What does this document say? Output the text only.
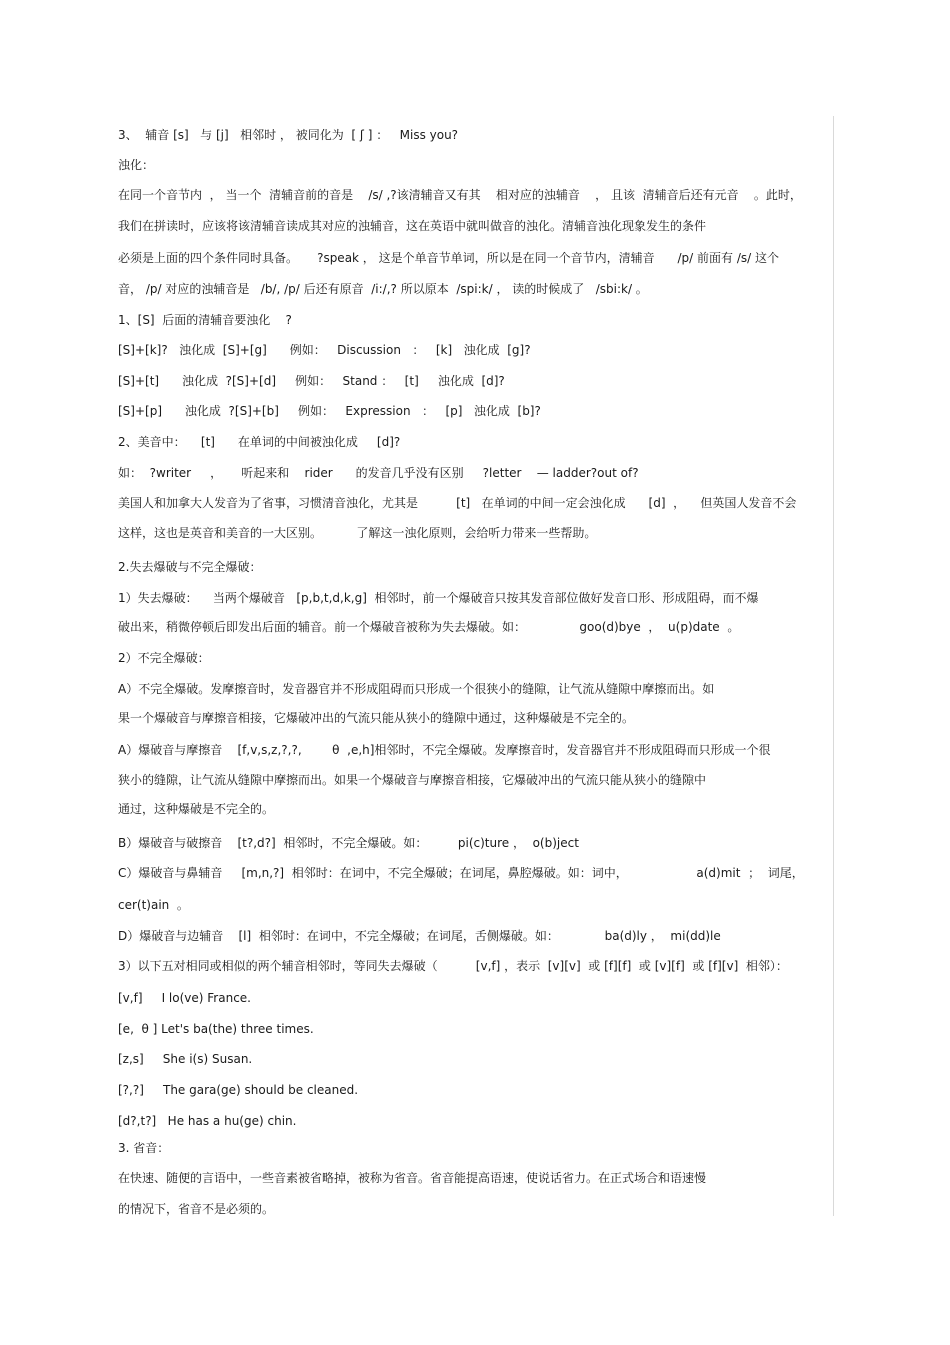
3、  辅音 [s]   与 [j]   相邻时 ， 被同化为  [ ʃ ] ：   Miss you?
浊化：
在同一个音节内  ， 当一个  清辅音前的音是    /s/ ,?该清辅音又有其    相对应的浊辅音    ， 且该  清辅音后还有元音    。此时，
我们在拼读时，应该将该清辅音读成其对应的浊辅音，这在英语中就叫做音的浊化。清辅音浊化现象发生的条件
必须是上面的四个条件同时具备。     ?speak ， 这是个单音节单词，所以是在同一个音节内，清辅音      /p/ 前面有 /s/ 这个
音， /p/ 对应的浊辅音是   /b/, /p/ 后还有原音  /i:/,? 所以原本  /spi:k/ ， 读的时候成了   /sbi:k/ 。
1、[S]  后面的清辅音要浊化    ?
[S]+[k]?   浊化成  [S]+[g]      例如：   Discussion   ：   [k]   浊化成  [g]?
[S]+[t]      浊化成  ?[S]+[d]     例如：   Stand ：   [t]     浊化成  [d]?
[S]+[p]      浊化成  ?[S]+[b]     例如：   Expression   ：   [p]   浊化成  [b]?
2、美音中：    [t]      在单词的中间被浊化成     [d]?
如：  ?writer     ，     听起来和    rider      的发音几乎没有区别     ?letter    — ladder?out of?
美国人和加拿大人发音为了省事，习惯清音浊化，尤其是          [t]   在单词的中间一定会浊化成      [d]  ，    但英国人发音不会
这样，这也是英音和美音的一大区别。         了解这一浊化原则，会给听力带来一些帮助。
2.失去爆破与不完全爆破：
1）失去爆破：    当两个爆破音   [p,b,t,d,k,g]  相邻时，前一个爆破音只按其发音部位做好发音口形、形成阻碍，而不爆
破出来，稍微停顿后即发出后面的辅音。前一个爆破音被称为失去爆破。如：              goo(d)bye  ，  u(p)date  。
2）不完全爆破：
A）不完全爆破。发摩擦音时，发音器官并不形成阻碍而只形成一个很狭小的缝隙，让气流从缝隙中摩擦而出。如
果一个爆破音与摩擦音相接，它爆破冲出的气流只能从狭小的缝隙中通过，这种爆破是不完全的。
A）爆破音与摩擦音    [f,v,s,z,?,?,        θ  ,e,h]相邻时，不完全爆破。发摩擦音时，发音器官并不形成阻碍而只形成一个很
狭小的缝隙，让气流从缝隙中摩擦而出。如果一个爆破音与摩擦音相接，它爆破冲出的气流只能从狭小的缝隙中
通过，这种爆破是不完全的。
B）爆破音与破擦音    [t?,d?]  相邻时，不完全爆破。如：        pi(c)ture ，  o(b)ject
C）爆破音与鼻辅音     [m,n,?]  相邻时：在词中，不完全爆破；在词尾，鼻腔爆破。如：词中，                  a(d)mit  ；  词尾，
cer(t)ain  。
D）爆破音与边辅音    [l]  相邻时：在词中，不完全爆破；在词尾，舌侧爆破。如：            ba(d)ly ，  mi(dd)le
3）以下五对相同或相似的两个辅音相邻时，等同失去爆破（          [v,f] ，表示  [v][v]  或 [f][f]  或 [v][f]  或 [f][v]  相邻）：
[v,f]     I lo(ve) France.
[e,  θ ] Let's ba(the) three times.
[z,s]     She i(s) Susan.
[?,?]     The gara(ge) should be cleaned.
[d?,t?]   He has a hu(ge) chin.
3. 省音：
在快速、随便的言语中，一些音素被省略掉，被称为省音。省音能提高语速，使说话省力。在正式场合和语速慢
的情况下，省音不是必须的。
